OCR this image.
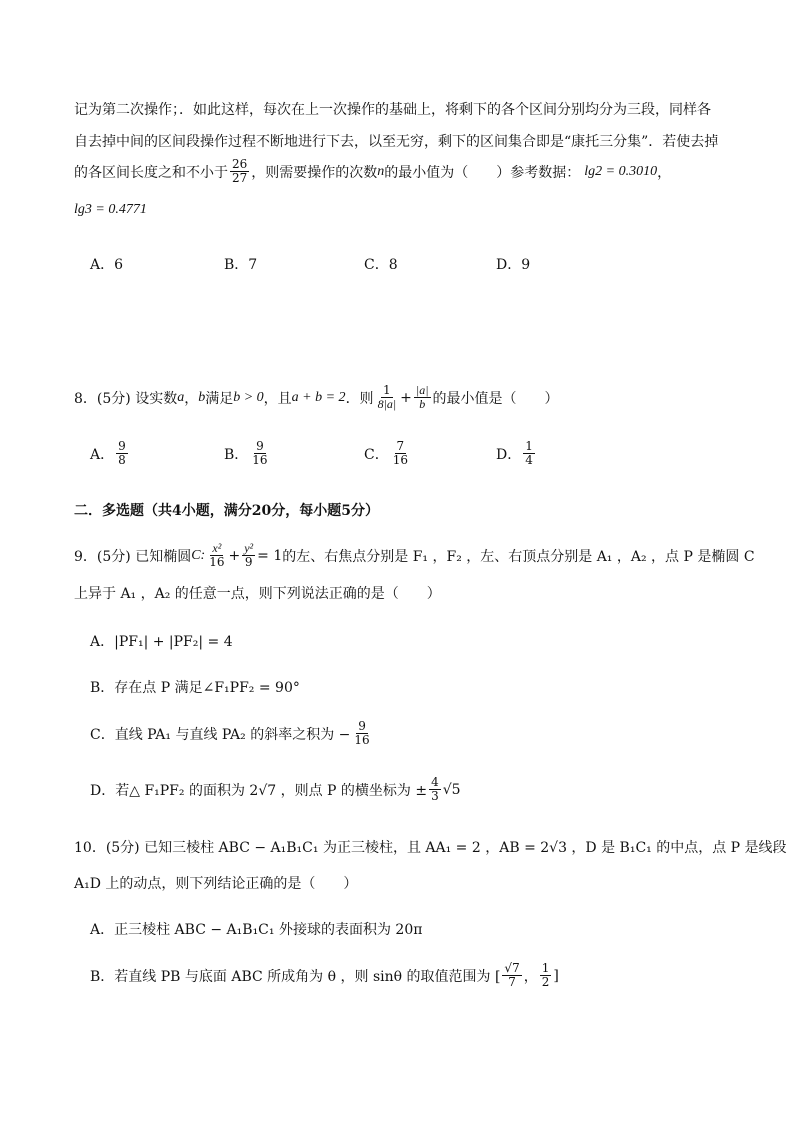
记为第二次操作；．如此这样，每次在上一次操作的基础上，将剩下的各个区间分别均分为三段，同样各
自去掉中间的区间段操作过程不断地进行下去，以至无穷，剩下的区间集合即是“康托三分集”．若使去掉
的各区间长度之和不小于 $\frac{26}{27}$ ，则需要操作的次数 n 的最小值为（　　）参考数据： lg2 = 0.3010 ，
lg3 = 0.4771
A．6	B．7	C．8	D．9
8．(5分) 设实数 a ， b 满足 b > 0 ，且 a + b = 2 ．则 $\frac{1}{8|a|} + \frac{|a|}{b}$ 的最小值是（　　）
A． $\frac{9}{8}$	B． $\frac{9}{16}$	C． $\frac{7}{16}$	D． $\frac{1}{4}$
二．多选题（共4小题，满分20分，每小题5分）
9．(5分) 已知椭圆 C: $\frac{\text{x²}}{16} + \frac{\text{y²}}{9} = 1$ 的左、右焦点分别是 F₁ ，F₂ ，左、右顶点分别是 A₁ ，A₂ ，点 P 是椭圆 C
上异于 A₁ ，A₂ 的任意一点，则下列说法正确的是（　　）
A．|PF₁| + |PF₂| = 4
B．存在点 P 满足∠F₁PF₂ = 90°
C．直线 PA₁ 与直线 PA₂ 的斜率之积为 − $\frac{9}{16}$
D．若△ F₁PF₂ 的面积为 2√7 ，则点 P 的横坐标为 ± $\frac{4}{3} √5$
10．(5分) 已知三棱柱 ABC − A₁B₁C₁ 为正三棱柱，且 AA₁ = 2 ，AB = 2√3 ，D 是 B₁C₁ 的中点，点 P 是线段
A₁D 上的动点，则下列结论正确的是（　　）
A．正三棱柱 ABC − A₁B₁C₁ 外接球的表面积为 20π
B．若直线 PB 与底面 ABC 所成角为 θ ，则 sinθ 的取值范围为 [ $\frac{√7}{7}$ ， $\frac{1}{2}$ ]
